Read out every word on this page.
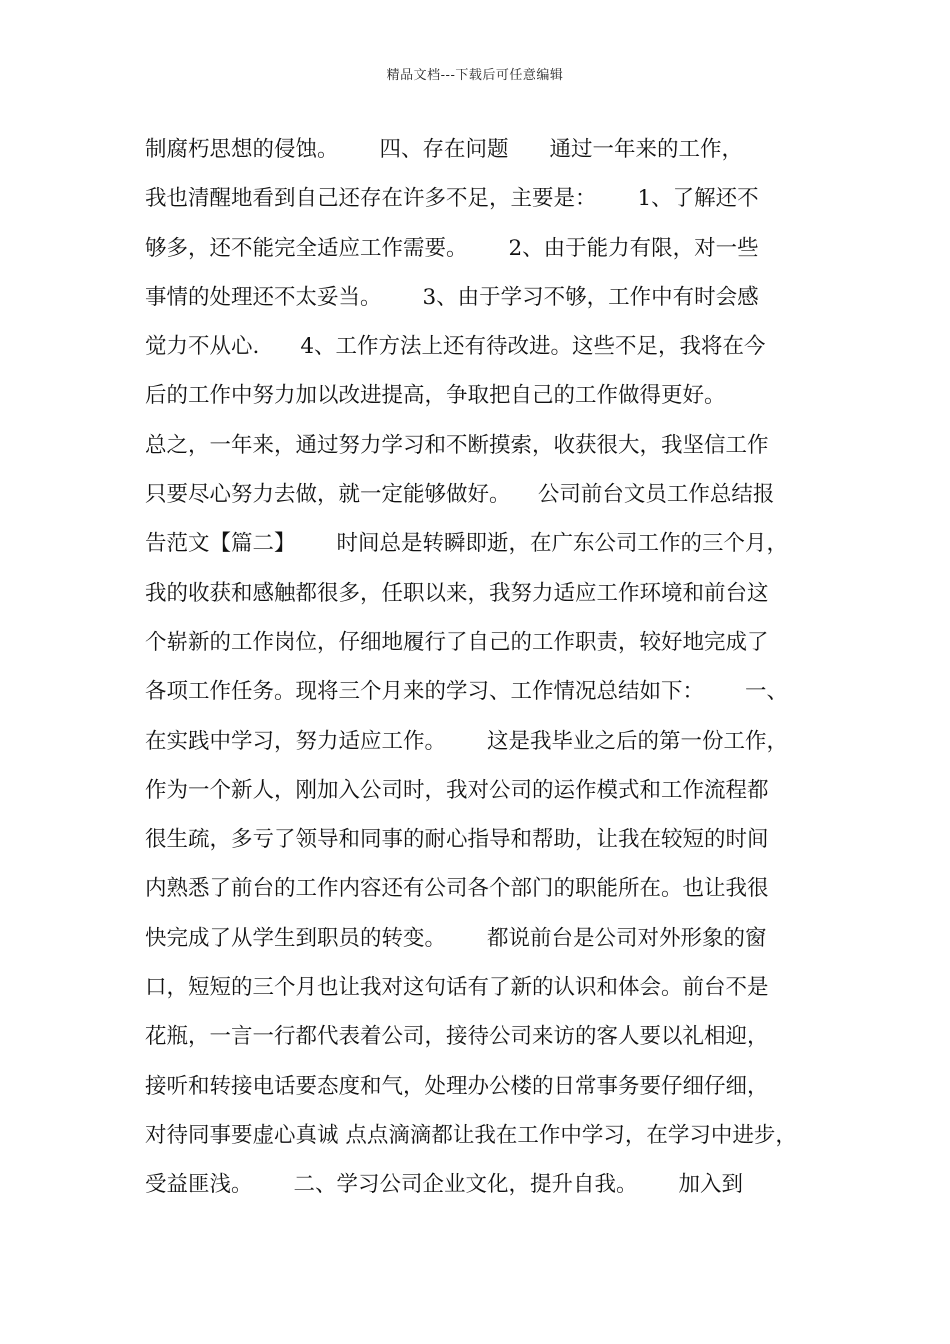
精品文档---下载后可任意编辑
制腐朽思想的侵蚀。      四、存在问题      通过一年来的工作，
我也清醒地看到自己还存在许多不足，主要是：      1、了解还不
够多，还不能完全适应工作需要。      2、由于能力有限，对一些
事情的处理还不太妥当。      3、由于学习不够，工作中有时会感
觉力不从心.      4、工作方法上还有待改进。这些不足，我将在今
后的工作中努力加以改进提高，争取把自己的工作做得更好。
总之，一年来，通过努力学习和不断摸索，收获很大，我坚信工作
只要尽心努力去做，就一定能够做好。    公司前台文员工作总结报
告范文【篇二】      时间总是转瞬即逝，在广东公司工作的三个月，
我的收获和感触都很多，任职以来，我努力适应工作环境和前台这
个崭新的工作岗位，仔细地履行了自己的工作职责，较好地完成了
各项工作任务。现将三个月来的学习、工作情况总结如下：      一、
在实践中学习，努力适应工作。      这是我毕业之后的第一份工作，
作为一个新人，刚加入公司时，我对公司的运作模式和工作流程都
很生疏，多亏了领导和同事的耐心指导和帮助，让我在较短的时间
内熟悉了前台的工作内容还有公司各个部门的职能所在。也让我很
快完成了从学生到职员的转变。      都说前台是公司对外形象的窗
口，短短的三个月也让我对这句话有了新的认识和体会。前台不是
花瓶，一言一行都代表着公司，接待公司来访的客人要以礼相迎，
接听和转接电话要态度和气，处理办公楼的日常事务要仔细仔细，
对待同事要虚心真诚 点点滴滴都让我在工作中学习，在学习中进步，
受益匪浅。      二、学习公司企业文化，提升自我。      加入到
